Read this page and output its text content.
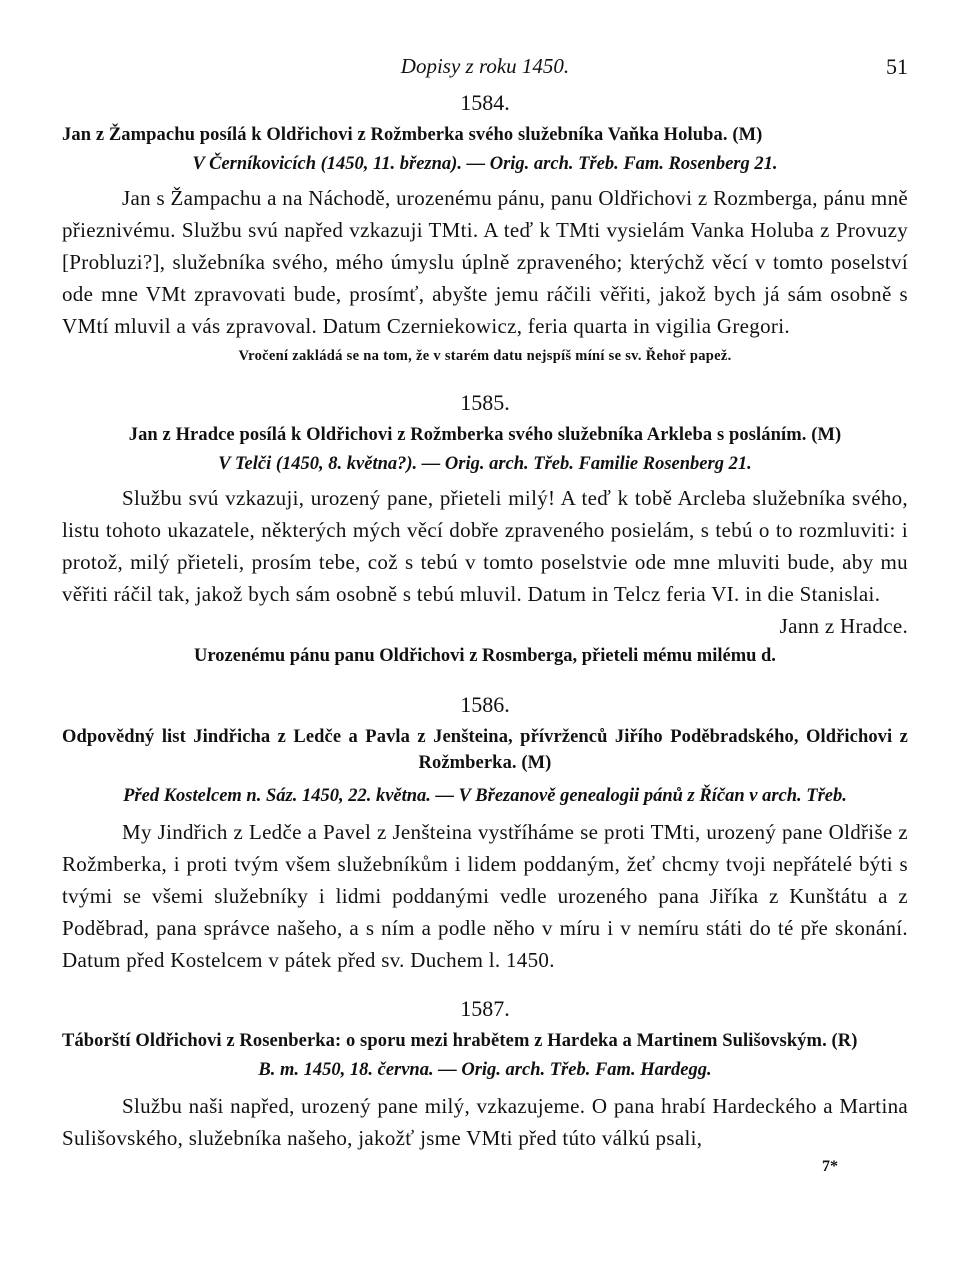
Dopisy z roku 1450.	51
1584.
Jan z Žampachu posílá k Oldřichovi z Rožmberka svého služebníka Vaňka Holuba. (M)
V Černíkovicích (1450, 11. března). — Orig. arch. Třeb. Fam. Rosenberg 21.

Jan s Žampachu a na Náchodě, urozenému pánu, panu Oldřichovi z Rozmberga, pánu mně přieznivému. Službu svú napřed vzkazuji TMti. A teď k TMti vysielám Vanka Holuba z Provuzy [Probluzi?], služebníka svého, mého úmyslu úplně zpraveného; kterýchž věcí v tomto poselství ode mne VMt zpravovati bude, prosímť, abyšte jemu ráčili věřiti, jakož bych já sám osobně s VMtí mluvil a vás zpravoval. Datum Czerniekowicz, feria quarta in vigilia Gregori.

Vročení zakládá se na tom, že v starém datu nejspíš míní se sv. Řehoř papež.
1585.
Jan z Hradce posílá k Oldřichovi z Rožmberka svého služebníka Arkleba s posláním. (M)
V Telči (1450, 8. května?). — Orig. arch. Třeb. Familie Rosenberg 21.

Službu svú vzkazuji, urozený pane, přieteli milý! A teď k tobě Arcleba služebníka svého, listu tohoto ukazatele, některých mých věcí dobře zpraveného posielám, s tebú o to rozmluviti: i protož, milý přieteli, prosím tebe, což s tebú v tomto poselstvie ode mne mluviti bude, aby mu věřiti ráčil tak, jakož bych sám osobně s tebú mluvil. Datum in Telcz feria VI. in die Stanislai.

Jann z Hradce.
Urozenému pánu panu Oldřichovi z Rosmberga, přieteli mému milému d.
1586.
Odpovědný list Jindřicha z Ledče a Pavla z Jenšteina, přívrženců Jiřího Poděbradského, Oldřichovi z Rožmberka. (M)
Před Kostelcem n. Sáz. 1450, 22. května. — V Březanově genealogii pánů z Říčan v arch. Třeb.

My Jindřich z Ledče a Pavel z Jenšteina vystříháme se proti TMti, urozený pane Oldřiše z Rožmberka, i proti tvým všem služebníkům i lidem poddaným, žeť chcmy tvoji nepřátelé býti s tvými se všemi služebníky i lidmi poddanými vedle urozeného pana Jiříka z Kunštátu a z Poděbrad, pana správce našeho, a s ním a podle něho v míru i v nemíru státi do té pře skonání. Datum před Kostelcem v pátek před sv. Duchem l. 1450.

1587.
Táborští Oldřichovi z Rosenberka: o sporu mezi hrabětem z Hardeka a Martinem Sulišovským. (R)
B. m. 1450, 18. června. — Orig. arch. Třeb. Fam. Hardegg.

Službu naši napřed, urozený pane milý, vzkazujeme. O pana hrabí Hardeckého a Martina Sulišovského, služebníka našeho, jakožť jsme VMti před túto válkú psali,

7*
